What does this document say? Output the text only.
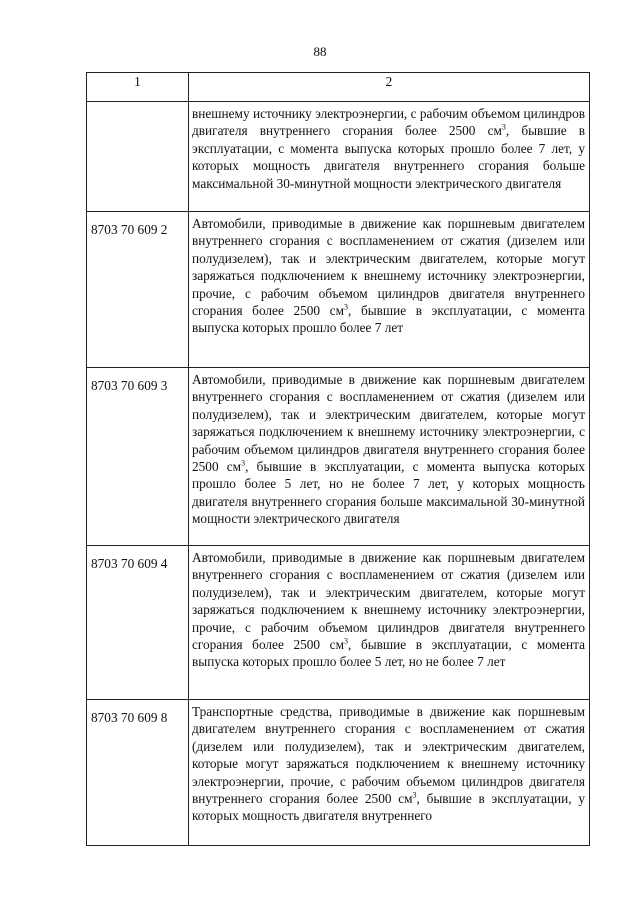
88
1	2
	внешнему источнику электроэнергии, с рабочим объемом цилиндров двигателя внутреннего сгорания более 2500 $см^3$, бывшие в эксплуатации, с момента выпуска которых прошло более 7 лет, у которых мощность двигателя внутреннего сгорания больше максимальной 30-минутной мощности электрического двигателя
8703 70 609 2	Автомобили, приводимые в движение как поршневым двигателем внутреннего сгорания с воспламенением от сжатия (дизелем или полудизелем), так и электрическим двигателем, которые могут заряжаться подключением к внешнему источнику электроэнергии, прочие, с рабочим объемом цилиндров двигателя внутреннего сгорания более 2500 $см^3$, бывшие в эксплуатации, с момента выпуска которых прошло более 7 лет
8703 70 609 3	Автомобили, приводимые в движение как поршневым двигателем внутреннего сгорания с воспламенением от сжатия (дизелем или полудизелем), так и электрическим двигателем, которые могут заряжаться подключением к внешнему источнику электроэнергии, с рабочим объемом цилиндров двигателя внутреннего сгорания более 2500 $см^3$, бывшие в эксплуатации, с момента выпуска которых прошло более 5 лет, но не более 7 лет, у которых мощность двигателя внутреннего сгорания больше максимальной 30-минутной мощности электрического двигателя
8703 70 609 4	Автомобили, приводимые в движение как поршневым двигателем внутреннего сгорания с воспламенением от сжатия (дизелем или полудизелем), так и электрическим двигателем, которые могут заряжаться подключением к внешнему источнику электроэнергии, прочие, с рабочим объемом цилиндров двигателя внутреннего сгорания более 2500 $см^3$, бывшие в эксплуатации, с момента выпуска которых прошло более 5 лет, но не более 7 лет
8703 70 609 8	Транспортные средства, приводимые в движение как поршневым двигателем внутреннего сгорания с воспламенением от сжатия (дизелем или полудизелем), так и электрическим двигателем, которые могут заряжаться подключением к внешнему источнику электроэнергии, прочие, с рабочим объемом цилиндров двигателя внутреннего сгорания более 2500 $см^3$, бывшие в эксплуатации, у которых мощность двигателя внутреннего
